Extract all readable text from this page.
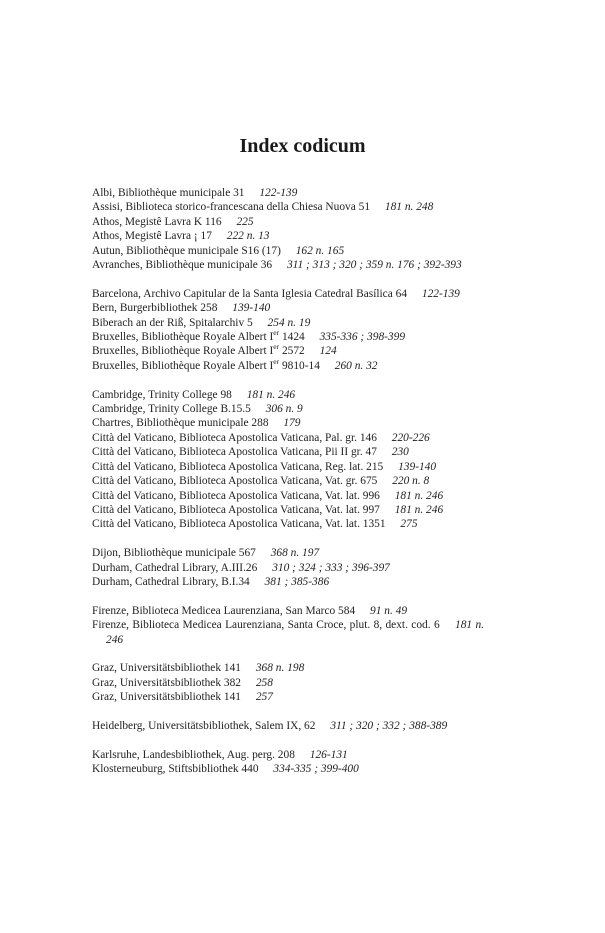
Index codicum
Albi, Bibliothèque municipale 31 122-139
Assisi, Biblioteca storico-francescana della Chiesa Nuova 51 181 n. 248
Athos, Megistê Lavra K 116 225
Athos, Megistê Lavra ¡ 17 222 n. 13
Autun, Bibliothèque municipale S16 (17) 162 n. 165
Avranches, Bibliothèque municipale 36 311 ; 313 ; 320 ; 359 n. 176 ; 392-393
Barcelona, Archivo Capitular de la Santa Iglesia Catedral Basílica 64 122-139
Bern, Burgerbibliothek 258 139-140
Biberach an der Riß, Spitalarchiv 5 254 n. 19
Bruxelles, Bibliothèque Royale Albert Ier 1424 335-336 ; 398-399
Bruxelles, Bibliothèque Royale Albert Ier 2572 124
Bruxelles, Bibliothèque Royale Albert Ier 9810-14 260 n. 32
Cambridge, Trinity College 98 181 n. 246
Cambridge, Trinity College B.15.5 306 n. 9
Chartres, Bibliothèque municipale 288 179
Città del Vaticano, Biblioteca Apostolica Vaticana, Pal. gr. 146 220-226
Città del Vaticano, Biblioteca Apostolica Vaticana, Pii II gr. 47 230
Città del Vaticano, Biblioteca Apostolica Vaticana, Reg. lat. 215 139-140
Città del Vaticano, Biblioteca Apostolica Vaticana, Vat. gr. 675 220 n. 8
Città del Vaticano, Biblioteca Apostolica Vaticana, Vat. lat. 996 181 n. 246
Città del Vaticano, Biblioteca Apostolica Vaticana, Vat. lat. 997 181 n. 246
Città del Vaticano, Biblioteca Apostolica Vaticana, Vat. lat. 1351 275
Dijon, Bibliothèque municipale 567 368 n. 197
Durham, Cathedral Library, A.III.26 310 ; 324 ; 333 ; 396-397
Durham, Cathedral Library, B.I.34 381 ; 385-386
Firenze, Biblioteca Medicea Laurenziana, San Marco 584 91 n. 49
Firenze, Biblioteca Medicea Laurenziana, Santa Croce, plut. 8, dext. cod. 6 181 n. 246
Graz, Universitätsbibliothek 141 368 n. 198
Graz, Universitätsbibliothek 382 258
Graz, Universitätsbibliothek 141 257
Heidelberg, Universitätsbibliothek, Salem IX, 62 311 ; 320 ; 332 ; 388-389
Karlsruhe, Landesbibliothek, Aug. perg. 208 126-131
Klosterneuburg, Stiftsbibliothek 440 334-335 ; 399-400
